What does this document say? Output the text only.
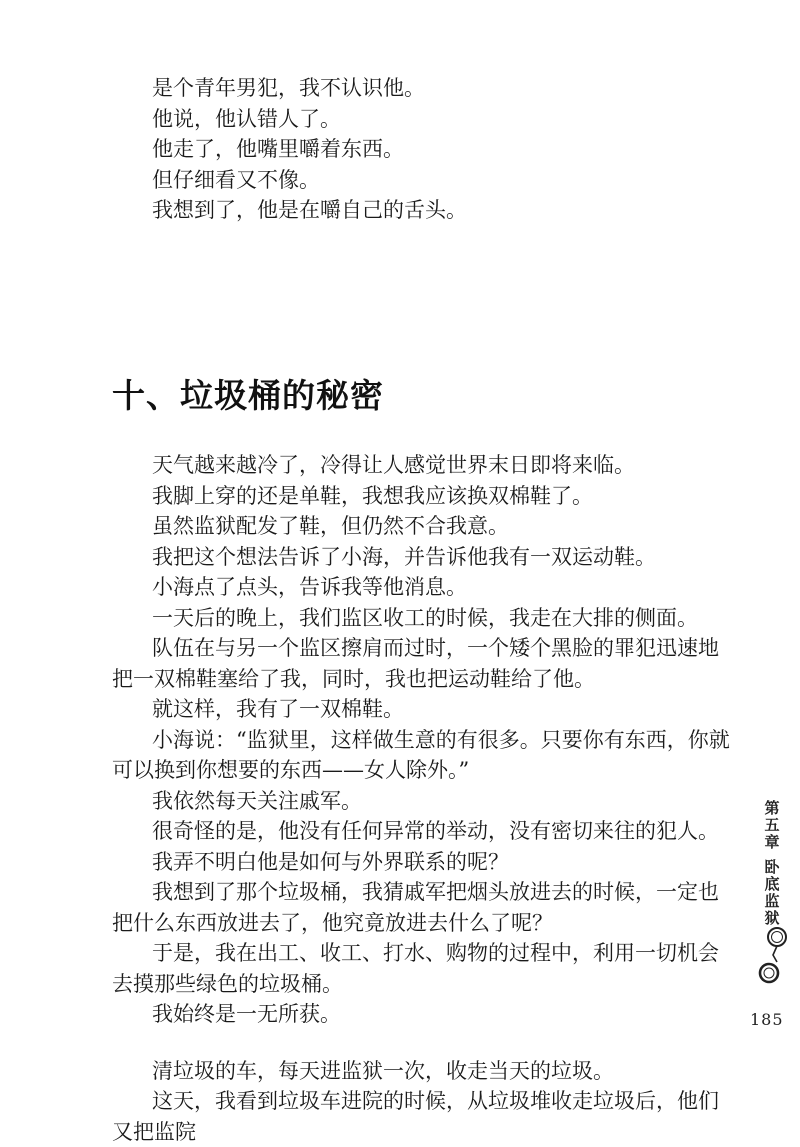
是个青年男犯，我不认识他。

他说，他认错人了。

他走了，他嘴里嚼着东西。

但仔细看又不像。

我想到了，他是在嚼自己的舌头。

十、垃圾桶的秘密

天气越来越冷了，冷得让人感觉世界末日即将来临。

我脚上穿的还是单鞋，我想我应该换双棉鞋了。

虽然监狱配发了鞋，但仍然不合我意。

我把这个想法告诉了小海，并告诉他我有一双运动鞋。

小海点了点头，告诉我等他消息。

一天后的晚上，我们监区收工的时候，我走在大排的侧面。

队伍在与另一个监区擦肩而过时，一个矮个黑脸的罪犯迅速地把一双棉鞋塞给了我，同时，我也把运动鞋给了他。

就这样，我有了一双棉鞋。

小海说：“监狱里，这样做生意的有很多。只要你有东西，你就可以换到你想要的东西——女人除外。”

我依然每天关注戚军。

很奇怪的是，他没有任何异常的举动，没有密切来往的犯人。

我弄不明白他是如何与外界联系的呢？

我想到了那个垃圾桶，我猜戚军把烟头放进去的时候，一定也把什么东西放进去了，他究竟放进去什么了呢？

于是，我在出工、收工、打水、购物的过程中，利用一切机会去摸那些绿色的垃圾桶。

我始终是一无所获。

清垃圾的车，每天进监狱一次，收走当天的垃圾。

这天，我看到垃圾车进院的时候，从垃圾堆收走垃圾后，他们又把监院

第
五
章
卧
底
监
狱
185
